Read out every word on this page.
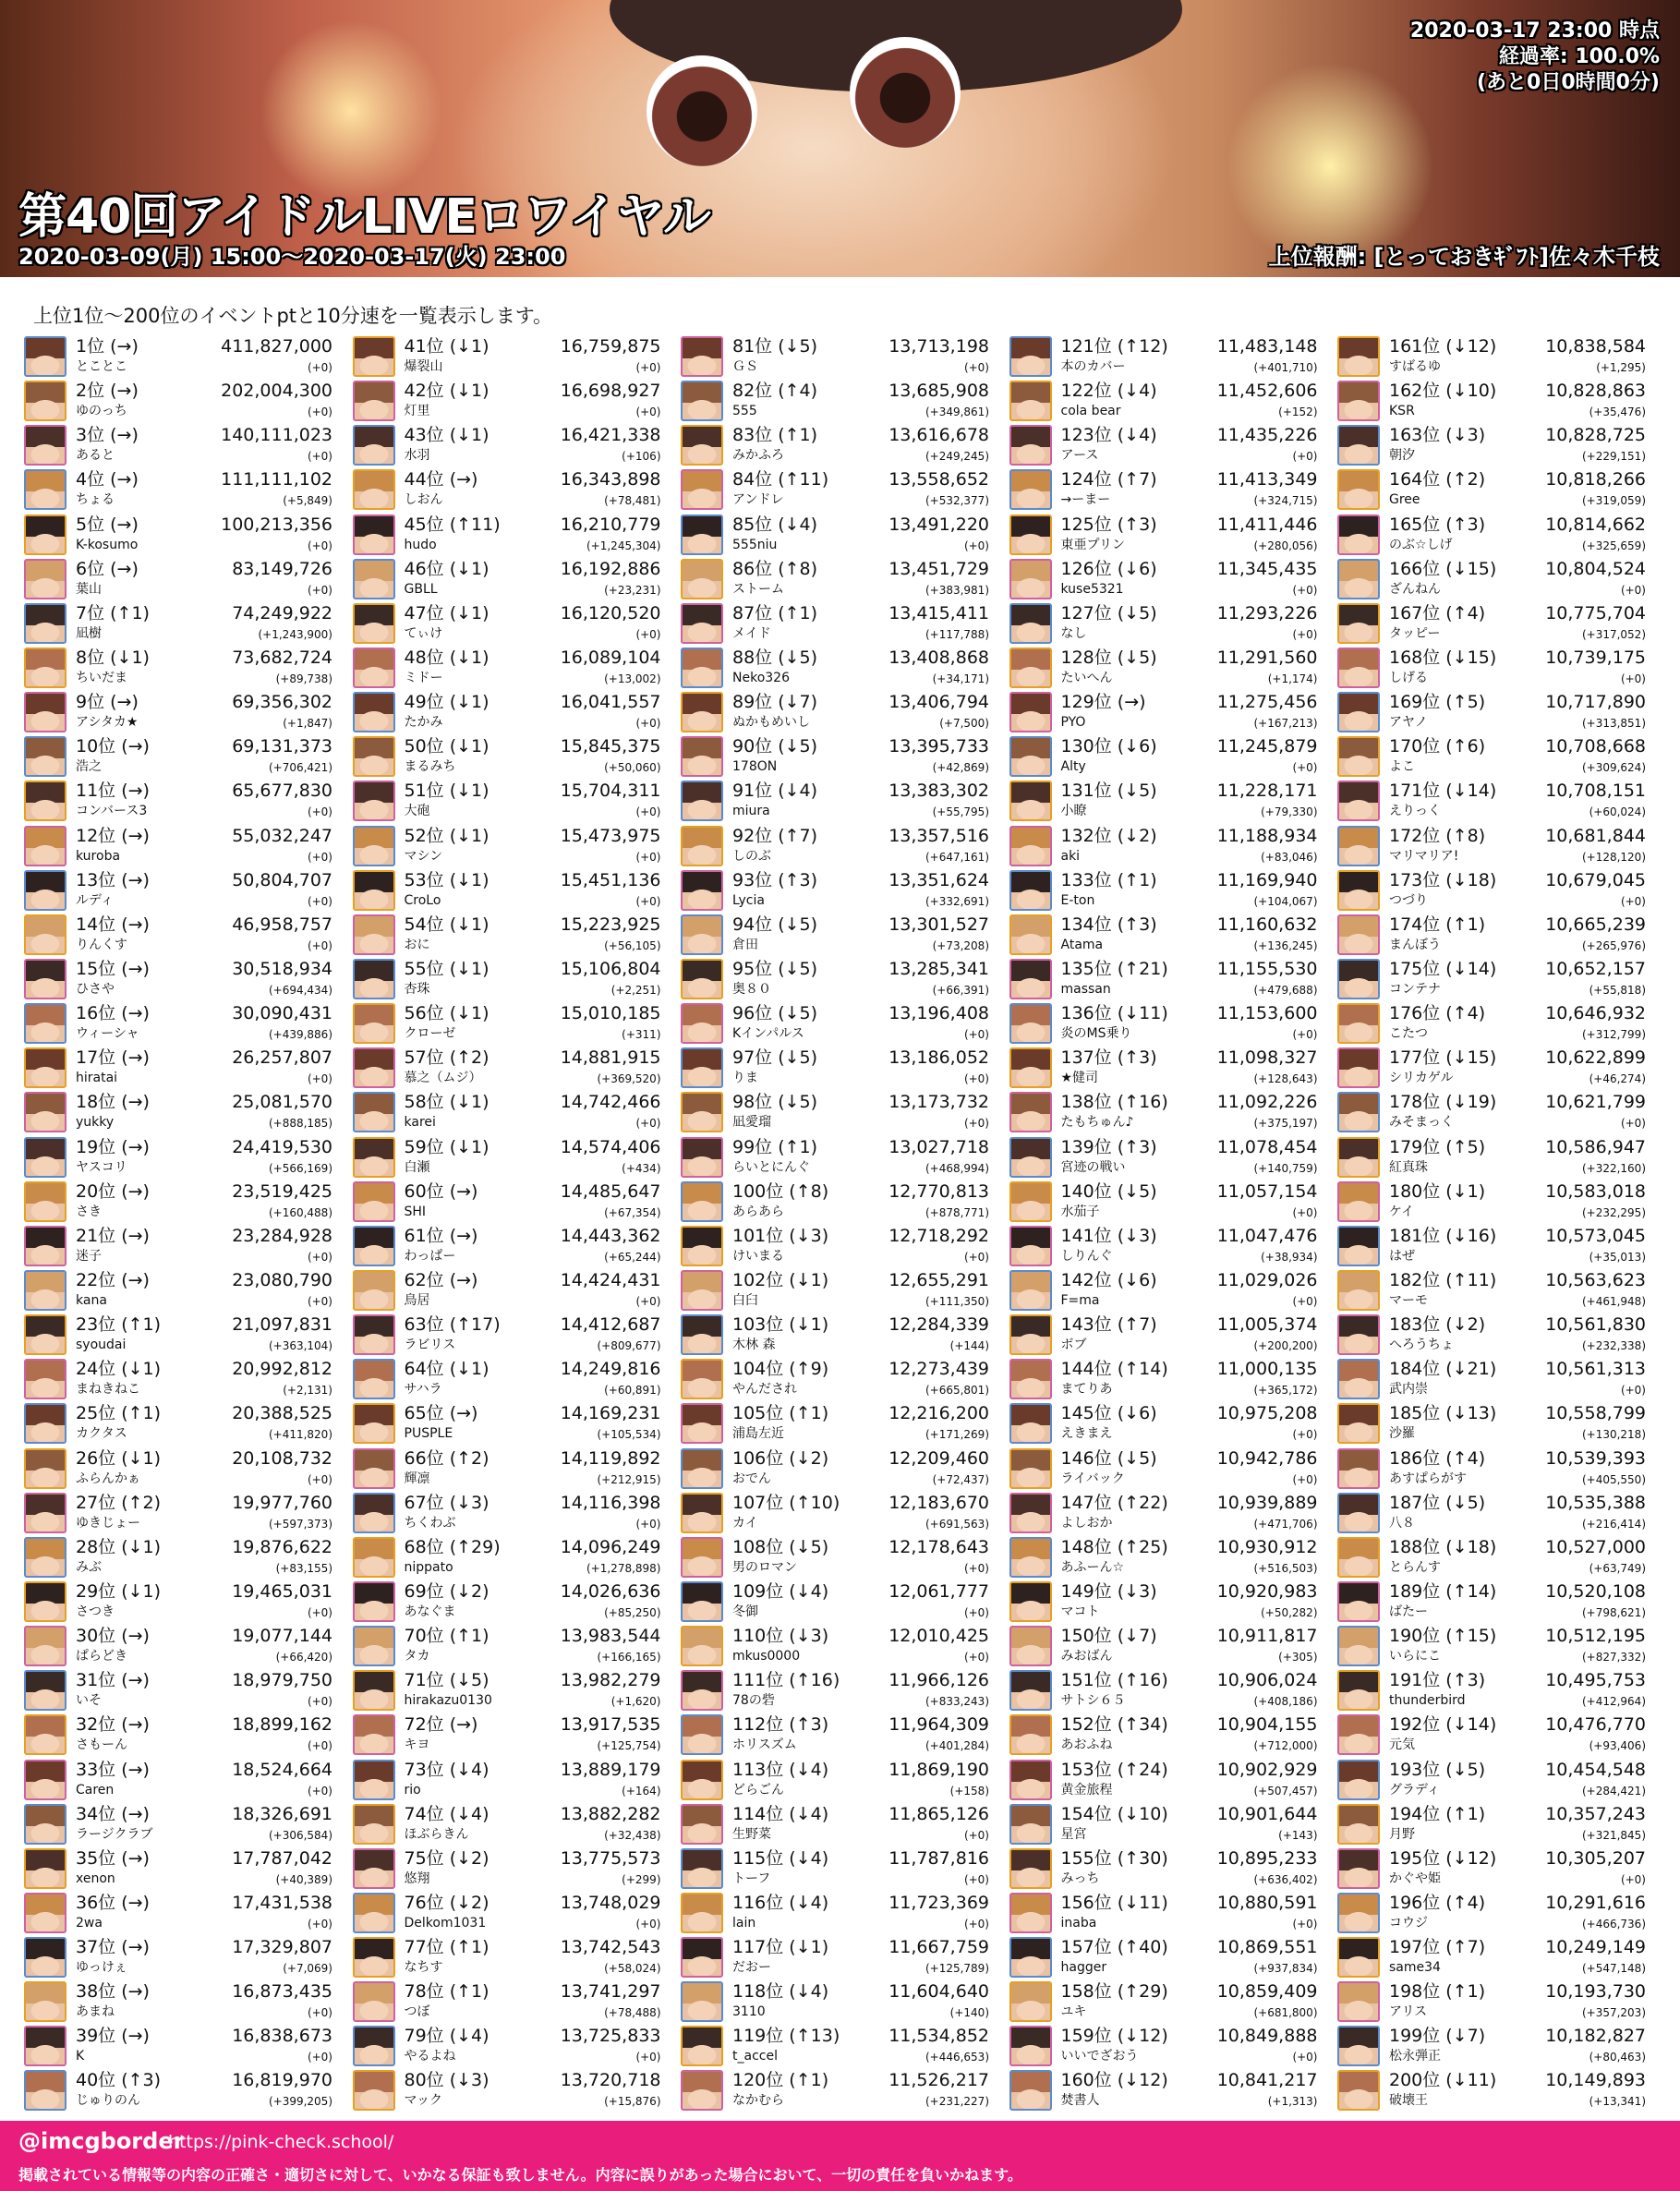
2020-03-17 23:00 時点
経過率: 100.0%
(あと0日0時間0分)
第40回アイドルLIVEロワイヤル
2020-03-09(月) 15:00～2020-03-17(火) 23:00	上位報酬: [とっておきｷﾞﾌﾄ]佐々木千枝
上位1位～200位のイベントptと10分速を一覧表示します。
1位 (→)	411,827,000
とことこ	(+0)
2位 (→)	202,004,300
ゆのっち	(+0)
3位 (→)	140,111,023
あると	(+0)
4位 (→)	111,111,102
ちょる	(+5,849)
5位 (→)	100,213,356
K-kosumo	(+0)
6位 (→)	83,149,726
葉山	(+0)
7位 (↑1)	74,249,922
凪樹	(+1,243,900)
8位 (↓1)	73,682,724
ちいだま	(+89,738)
9位 (→)	69,356,302
アシタカ★	(+1,847)
10位 (→)	69,131,373
浩之	(+706,421)
11位 (→)	65,677,830
コンバース3	(+0)
12位 (→)	55,032,247
kuroba	(+0)
13位 (→)	50,804,707
ルディ	(+0)
14位 (→)	46,958,757
りんくす	(+0)
15位 (→)	30,518,934
ひさや	(+694,434)
16位 (→)	30,090,431
ウィーシャ	(+439,886)
17位 (→)	26,257,807
hiratai	(+0)
18位 (→)	25,081,570
yukky	(+888,185)
19位 (→)	24,419,530
ヤスコリ	(+566,169)
20位 (→)	23,519,425
さき	(+160,488)
21位 (→)	23,284,928
迷子	(+0)
22位 (→)	23,080,790
kana	(+0)
23位 (↑1)	21,097,831
syoudai	(+363,104)
24位 (↓1)	20,992,812
まねきねこ	(+2,131)
25位 (↑1)	20,388,525
カクタス	(+411,820)
26位 (↓1)	20,108,732
ふらんかぁ	(+0)
27位 (↑2)	19,977,760
ゆきじょー	(+597,373)
28位 (↓1)	19,876,622
みぶ	(+83,155)
29位 (↓1)	19,465,031
さつき	(+0)
30位 (→)	19,077,144
ぱらどき	(+66,420)
31位 (→)	18,979,750
いそ	(+0)
32位 (→)	18,899,162
さもーん	(+0)
33位 (→)	18,524,664
Caren	(+0)
34位 (→)	18,326,691
ラージクラブ	(+306,584)
35位 (→)	17,787,042
xenon	(+40,389)
36位 (→)	17,431,538
2wa	(+0)
37位 (→)	17,329,807
ゆっけぇ	(+7,069)
38位 (→)	16,873,435
あまね	(+0)
39位 (→)	16,838,673
K	(+0)
40位 (↑3)	16,819,970
じゅりのん	(+399,205)
41位 (↓1)	16,759,875
爆裂山	(+0)
42位 (↓1)	16,698,927
灯里	(+0)
43位 (↓1)	16,421,338
水羽	(+106)
44位 (→)	16,343,898
しおん	(+78,481)
45位 (↑11)	16,210,779
hudo	(+1,245,304)
46位 (↓1)	16,192,886
GBLL	(+23,231)
47位 (↓1)	16,120,520
てぃけ	(+0)
48位 (↓1)	16,089,104
ミドー	(+13,002)
49位 (↓1)	16,041,557
たかみ	(+0)
50位 (↓1)	15,845,375
まるみち	(+50,060)
51位 (↓1)	15,704,311
大砲	(+0)
52位 (↓1)	15,473,975
マシン	(+0)
53位 (↓1)	15,451,136
CroLo	(+0)
54位 (↓1)	15,223,925
おに	(+56,105)
55位 (↓1)	15,106,804
杏珠	(+2,251)
56位 (↓1)	15,010,185
クローゼ	(+311)
57位 (↑2)	14,881,915
慕之（ムジ）	(+369,520)
58位 (↓1)	14,742,466
karei	(+0)
59位 (↓1)	14,574,406
白瀬	(+434)
60位 (→)	14,485,647
SHI	(+67,354)
61位 (→)	14,443,362
わっぱー	(+65,244)
62位 (→)	14,424,431
鳥居	(+0)
63位 (↑17)	14,412,687
ラビリス	(+809,677)
64位 (↓1)	14,249,816
サハラ	(+60,891)
65位 (→)	14,169,231
PUSPLE	(+105,534)
66位 (↑2)	14,119,892
輝凛	(+212,915)
67位 (↓3)	14,116,398
ちくわぶ	(+0)
68位 (↑29)	14,096,249
nippato	(+1,278,898)
69位 (↓2)	14,026,636
あなぐま	(+85,250)
70位 (↑1)	13,983,544
タカ	(+166,165)
71位 (↓5)	13,982,279
hirakazu0130	(+1,620)
72位 (→)	13,917,535
キヨ	(+125,754)
73位 (↓4)	13,889,179
rio	(+164)
74位 (↓4)	13,882,282
ほぶらきん	(+32,438)
75位 (↓2)	13,775,573
悠翔	(+299)
76位 (↓2)	13,748,029
Delkom1031	(+0)
77位 (↑1)	13,742,543
なちす	(+58,024)
78位 (↑1)	13,741,297
つぼ	(+78,488)
79位 (↓4)	13,725,833
やるよね	(+0)
80位 (↓3)	13,720,718
マック	(+15,876)
81位 (↓5)	13,713,198
ＧＳ	(+0)
82位 (↑4)	13,685,908
555	(+349,861)
83位 (↑1)	13,616,678
みかふろ	(+249,245)
84位 (↑11)	13,558,652
アンドレ	(+532,377)
85位 (↓4)	13,491,220
555niu	(+0)
86位 (↑8)	13,451,729
ストーム	(+383,981)
87位 (↑1)	13,415,411
メイド	(+117,788)
88位 (↓5)	13,408,868
Neko326	(+34,171)
89位 (↓7)	13,406,794
ぬかもめいし	(+7,500)
90位 (↓5)	13,395,733
178ON	(+42,869)
91位 (↓4)	13,383,302
miura	(+55,795)
92位 (↑7)	13,357,516
しのぶ	(+647,161)
93位 (↑3)	13,351,624
Lycia	(+332,691)
94位 (↓5)	13,301,527
倉田	(+73,208)
95位 (↓5)	13,285,341
奥８０	(+66,391)
96位 (↓5)	13,196,408
Kインパルス	(+0)
97位 (↓5)	13,186,052
りま	(+0)
98位 (↓5)	13,173,732
凪愛瑠	(+0)
99位 (↑1)	13,027,718
らいとにんぐ	(+468,994)
100位 (↑8)	12,770,813
あらあら	(+878,771)
101位 (↓3)	12,718,292
けいまる	(+0)
102位 (↓1)	12,655,291
白臼	(+111,350)
103位 (↓1)	12,284,339
木林 森	(+144)
104位 (↑9)	12,273,439
やんだされ	(+665,801)
105位 (↑1)	12,216,200
浦島左近	(+171,269)
106位 (↓2)	12,209,460
おでん	(+72,437)
107位 (↑10)	12,183,670
カイ	(+691,563)
108位 (↓5)	12,178,643
男のロマン	(+0)
109位 (↓4)	12,061,777
冬御	(+0)
110位 (↓3)	12,010,425
mkus0000	(+0)
111位 (↑16)	11,966,126
78の砦	(+833,243)
112位 (↑3)	11,964,309
ホリスズム	(+401,284)
113位 (↓4)	11,869,190
どらごん	(+158)
114位 (↓4)	11,865,126
生野菜	(+0)
115位 (↓4)	11,787,816
トーフ	(+0)
116位 (↓4)	11,723,369
lain	(+0)
117位 (↓1)	11,667,759
だおー	(+125,789)
118位 (↓4)	11,604,640
3110	(+140)
119位 (↑13)	11,534,852
t_accel	(+446,653)
120位 (↑1)	11,526,217
なかむら	(+231,227)
121位 (↑12)	11,483,148
本のカバー	(+401,710)
122位 (↓4)	11,452,606
cola bear	(+152)
123位 (↓4)	11,435,226
アース	(+0)
124位 (↑7)	11,413,349
→ーまー	(+324,715)
125位 (↑3)	11,411,446
東亜プリン	(+280,056)
126位 (↓6)	11,345,435
kuse5321	(+0)
127位 (↓5)	11,293,226
なし	(+0)
128位 (↓5)	11,291,560
たいへん	(+1,174)
129位 (→)	11,275,456
PYO	(+167,213)
130位 (↓6)	11,245,879
Alty	(+0)
131位 (↓5)	11,228,171
小瞭	(+79,330)
132位 (↓2)	11,188,934
aki	(+83,046)
133位 (↑1)	11,169,940
E-ton	(+104,067)
134位 (↑3)	11,160,632
Atama	(+136,245)
135位 (↑21)	11,155,530
massan	(+479,688)
136位 (↓11)	11,153,600
炎のMS乗り	(+0)
137位 (↑3)	11,098,327
★健司	(+128,643)
138位 (↑16)	11,092,226
たもちゅん♪	(+375,197)
139位 (↑3)	11,078,454
宮迹の戦い	(+140,759)
140位 (↓5)	11,057,154
水茄子	(+0)
141位 (↓3)	11,047,476
しりんぐ	(+38,934)
142位 (↓6)	11,029,026
F=ma	(+0)
143位 (↑7)	11,005,374
ボブ	(+200,200)
144位 (↑14)	11,000,135
まてりあ	(+365,172)
145位 (↓6)	10,975,208
えきまえ	(+0)
146位 (↓5)	10,942,786
ライバック	(+0)
147位 (↑22)	10,939,889
よしおか	(+471,706)
148位 (↑25)	10,930,912
あふーん☆	(+516,503)
149位 (↓3)	10,920,983
マコト	(+50,282)
150位 (↓7)	10,911,817
みおばん	(+305)
151位 (↑16)	10,906,024
サトシ６５	(+408,186)
152位 (↑34)	10,904,155
あおふね	(+712,000)
153位 (↑24)	10,902,929
黄金旅程	(+507,457)
154位 (↓10)	10,901,644
星宮	(+143)
155位 (↑30)	10,895,233
みっち	(+636,402)
156位 (↓11)	10,880,591
inaba	(+0)
157位 (↑40)	10,869,551
hagger	(+937,834)
158位 (↑29)	10,859,409
ユキ	(+681,800)
159位 (↓12)	10,849,888
いいでざおう	(+0)
160位 (↓12)	10,841,217
焚書人	(+1,313)
161位 (↓12)	10,838,584
すばるゆ	(+1,295)
162位 (↓10)	10,828,863
KSR	(+35,476)
163位 (↓3)	10,828,725
朝汐	(+229,151)
164位 (↑2)	10,818,266
Gree	(+319,059)
165位 (↑3)	10,814,662
のぶ☆しげ	(+325,659)
166位 (↓15)	10,804,524
ざんねん	(+0)
167位 (↑4)	10,775,704
タッピー	(+317,052)
168位 (↓15)	10,739,175
しげる	(+0)
169位 (↑5)	10,717,890
アヤノ	(+313,851)
170位 (↑6)	10,708,668
よこ	(+309,624)
171位 (↓14)	10,708,151
えりっく	(+60,024)
172位 (↑8)	10,681,844
マリマリア!	(+128,120)
173位 (↓18)	10,679,045
つづり	(+0)
174位 (↑1)	10,665,239
まんぼう	(+265,976)
175位 (↓14)	10,652,157
コンテナ	(+55,818)
176位 (↑4)	10,646,932
こたつ	(+312,799)
177位 (↓15)	10,622,899
シリカゲル	(+46,274)
178位 (↓19)	10,621,799
みそまっく	(+0)
179位 (↑5)	10,586,947
紅真珠	(+322,160)
180位 (↓1)	10,583,018
ケイ	(+232,295)
181位 (↓16)	10,573,045
はぜ	(+35,013)
182位 (↑11)	10,563,623
マーモ	(+461,948)
183位 (↓2)	10,561,830
へろうちょ	(+232,338)
184位 (↓21)	10,561,313
武内崇	(+0)
185位 (↓13)	10,558,799
沙羅	(+130,218)
186位 (↑4)	10,539,393
あすぱらがす	(+405,550)
187位 (↓5)	10,535,388
八８	(+216,414)
188位 (↓18)	10,527,000
とらんす	(+63,749)
189位 (↑14)	10,520,108
ばたー	(+798,621)
190位 (↑15)	10,512,195
いらにこ	(+827,332)
191位 (↑3)	10,495,753
thunderbird	(+412,964)
192位 (↓14)	10,476,770
元気	(+93,406)
193位 (↓5)	10,454,548
グラディ	(+284,421)
194位 (↑1)	10,357,243
月野	(+321,845)
195位 (↓12)	10,305,207
かぐや姫	(+0)
196位 (↑4)	10,291,616
コウジ	(+466,736)
197位 (↑7)	10,249,149
same34	(+547,148)
198位 (↑1)	10,193,730
アリス	(+357,203)
199位 (↓7)	10,182,827
松永弾正	(+80,463)
200位 (↓11)	10,149,893
破壊王	(+13,341)
@imcgborder
https://pink-check.school/
掲載されている情報等の内容の正確さ・適切さに対して、いかなる保証も致しません。内容に誤りがあった場合において、一切の責任を負いかねます。
